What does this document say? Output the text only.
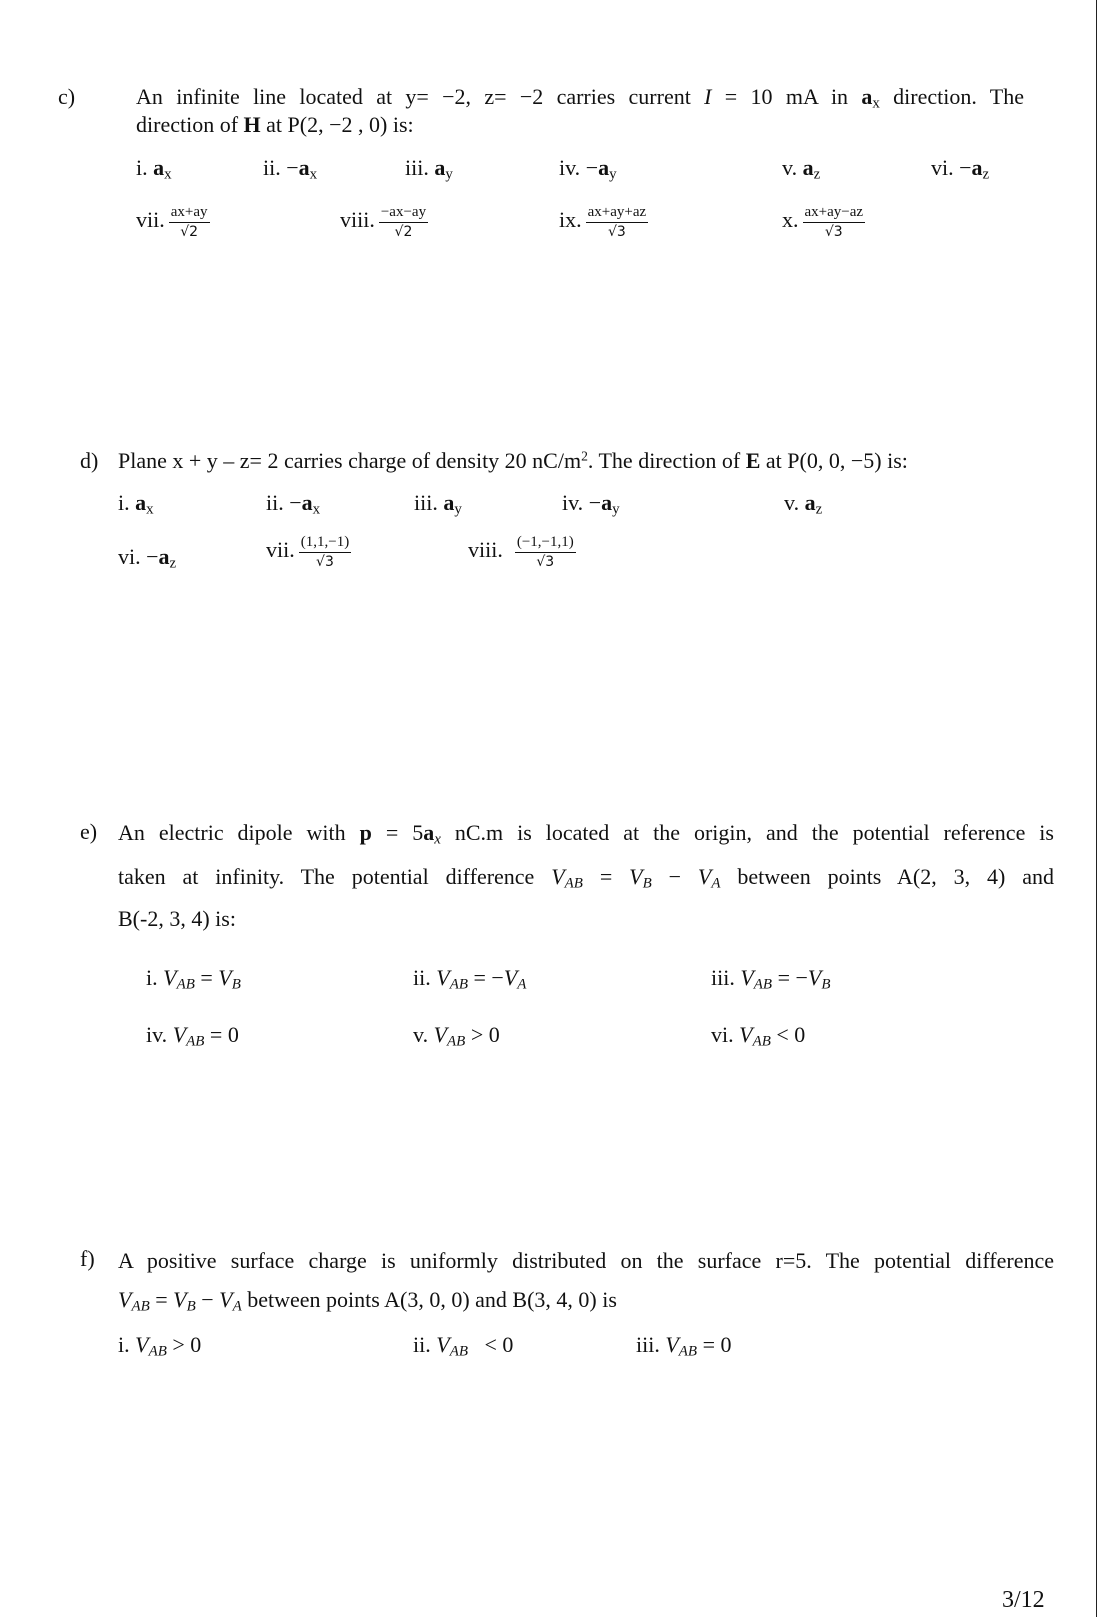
c)	An infinite line located at y= −2, z= −2 carries current I = 10 mA in $a_x$ direction. The
direction of H at P(2, −2 , 0) is:
i. $a_x$	ii. $-a_x$	iii. $a_y$	iv. $-a_y$	v. $a_z$	vi. $-a_z$
vii. $\frac{ax+ay}{√2}$	viii. $\frac{-ax-ay}{√2}$	ix. $\frac{ax+ay+az}{√3}$	x. $\frac{ax+ay-az}{√3}$
d) Plane x + y – z= 2 carries charge of density 20 $nC/m^2$. The direction of E at P(0, 0, −5) is:
i. $a_x$	ii. $-a_x$	iii. $a_y$	iv. $-a_y$	v. $a_z$
vi. $-a_z$
vii. $\frac{(1,1,-1)}{√3}$	viii. $\frac{(-1,-1,1)}{√3}$
e) An electric dipole with $p = 5a_x$ nC.m is located at the origin, and the potential reference is
taken at infinity. The potential difference $V_{AB} = V_B - V_A$ between points A(2, 3, 4) and
B(-2, 3, 4) is:
i. $V_{AB} = V_B$	ii. $V_{AB} = -V_A$	iii. $V_{AB} = -V_B$
iv. $V_{AB} = 0$	v. $V_{AB} > 0$	vi. $V_{AB} < 0$
f) A positive surface charge is uniformly distributed on the surface r=5. The potential difference
$V_{AB} = V_B - V_A$ between points A(3, 0, 0) and B(3, 4, 0) is
i. $V_{AB} > 0$	ii. $V_{AB} < 0$	iii. $V_{AB} = 0$
3/12
